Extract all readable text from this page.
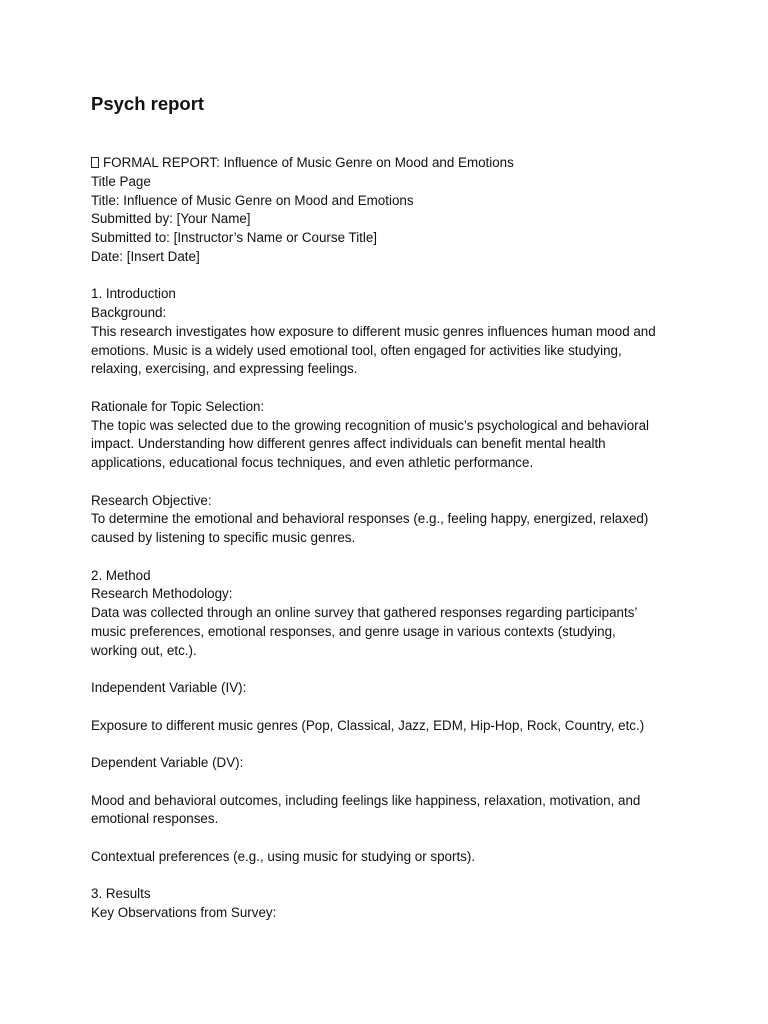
Psych report

FORMAL REPORT: Influence of Music Genre on Mood and Emotions

Title Page

Title: Influence of Music Genre on Mood and Emotions

Submitted by: [Your Name]

Submitted to: [Instructor’s Name or Course Title]

Date: [Insert Date]

1. Introduction

Background:

This research investigates how exposure to different music genres influences human mood and

emotions. Music is a widely used emotional tool, often engaged for activities like studying,

relaxing, exercising, and expressing feelings.

Rationale for Topic Selection:

The topic was selected due to the growing recognition of music’s psychological and behavioral

impact. Understanding how different genres affect individuals can benefit mental health

applications, educational focus techniques, and even athletic performance.

Research Objective:

To determine the emotional and behavioral responses (e.g., feeling happy, energized, relaxed)

caused by listening to specific music genres.

2. Method

Research Methodology:

Data was collected through an online survey that gathered responses regarding participants’

music preferences, emotional responses, and genre usage in various contexts (studying,

working out, etc.).

Independent Variable (IV):

Exposure to different music genres (Pop, Classical, Jazz, EDM, Hip-Hop, Rock, Country, etc.)

Dependent Variable (DV):

Mood and behavioral outcomes, including feelings like happiness, relaxation, motivation, and

emotional responses.

Contextual preferences (e.g., using music for studying or sports).

3. Results

Key Observations from Survey:
